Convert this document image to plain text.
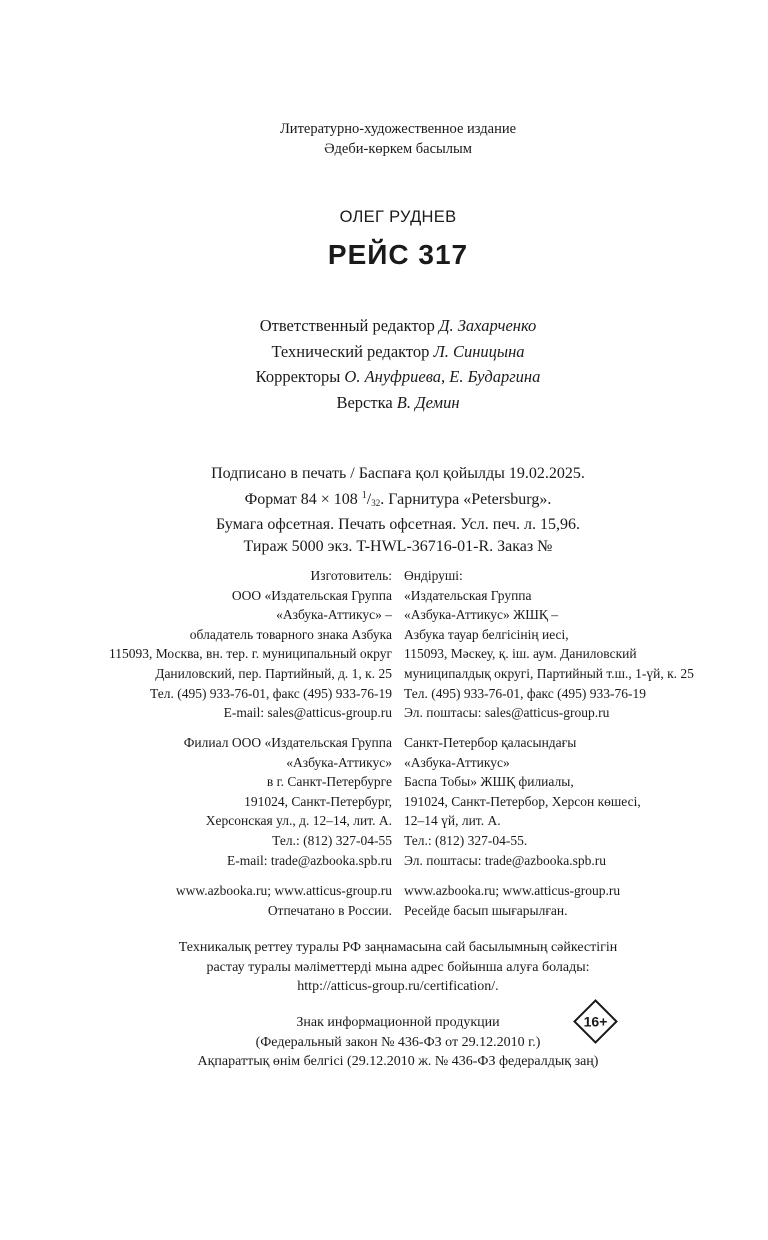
Литературно-художественное издание
Әдеби-көркем басылым
ОЛЕГ РУДНЕВ
РЕЙС 317
Ответственный редактор Д. Захарченко
Технический редактор Л. Синицына
Корректоры О. Ануфриева, Е. Бударгина
Верстка В. Демин
Подписано в печать / Баспаға қол қойылды 19.02.2025.
Формат 84 × 108 $^1/_{32}$. Гарнитура «Petersburg».
Бумага офсетная. Печать офсетная. Усл. печ. л. 15,96.
Тираж 5000 экз. T-HWL-36716-01-R. Заказ №
Изготовитель:
ООО «Издательская Группа
«Азбука-Аттикус» –
обладатель товарного знака Азбука
115093, Москва, вн. тер. г. муниципальный округ
Даниловский, пер. Партийный, д. 1, к. 25
Тел. (495) 933-76-01, факс (495) 933-76-19
E-mail: sales@atticus-group.ru
Өндіруші:
«Издательская Группа
«Азбука-Аттикус» ЖШҚ –
Азбука тауар белгісінің иесі,
115093, Мәскеу, қ. іш. аум. Даниловский
муниципалдық округі, Партийный т.ш., 1-үй, к. 25
Тел. (495) 933-76-01, факс (495) 933-76-19
Эл. поштасы: sales@atticus-group.ru
Филиал ООО «Издательская Группа
«Азбука-Аттикус»
в г. Санкт-Петербурге
191024, Санкт-Петербург,
Херсонская ул., д. 12–14, лит. А.
Тел.: (812) 327-04-55
E-mail: trade@azbooka.spb.ru
Санкт-Петербор қаласындағы
«Азбука-Аттикус»
Баспа Тобы» ЖШҚ филиалы,
191024, Санкт-Петербор, Херсон көшесі,
12–14 үй, лит. А.
Тел.: (812) 327-04-55.
Эл. поштасы: trade@azbooka.spb.ru
www.azbooka.ru; www.atticus-group.ru
Отпечатано в России.
www.azbooka.ru; www.atticus-group.ru
Ресейде басып шығарылған.
Техникалық реттеу туралы РФ заңнамасына сай басылымның сәйкестігін
растау туралы мәліметтерді мына адрес бойынша алуға болады:
http://atticus-group.ru/certification/.
Знак информационной продукции
(Федеральный закон № 436-ФЗ от 29.12.2010 г.)
Ақпараттық өнім белгісі (29.12.2010 ж. № 436-ФЗ федералдық заң)
16+
